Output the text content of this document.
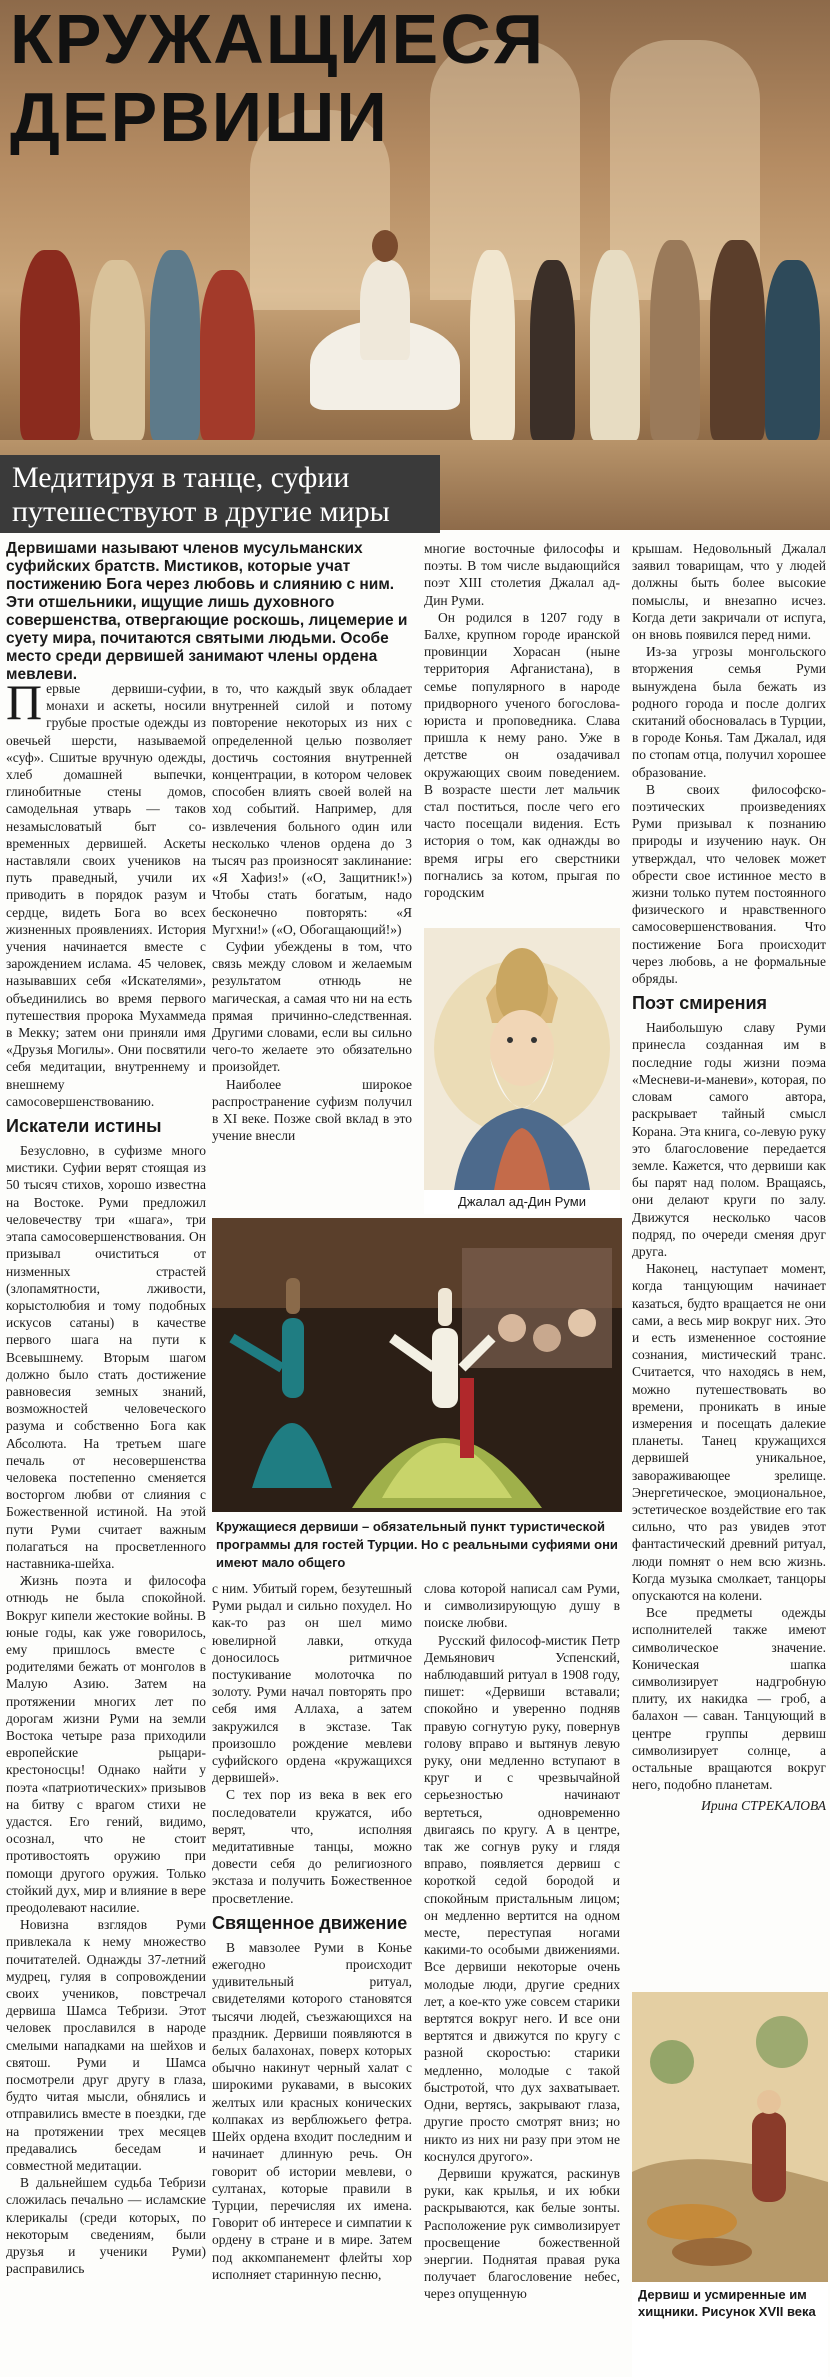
КРУЖАЩИЕСЯ
ДЕРВИШИ
Медитируя в танце, суфии
путешествуют в другие миры
Дервишами называют членов мусульманских суфийских братств. Мистиков, которые учат постижению Бога через любовь и слиянию с ним. Эти отшельники, ищущие лишь духовного совершенства, отвергающие роскошь, лицемерие и суету мира, почитаются святыми людьми. Особе место среди дервишей занимают члены ордена мевлеви.

Первые дервиши-суфии, монахи и аскеты, носили грубые простые одежды из овечьей шерсти, называемой «суф». Сшитые вручную одежды, хлеб домашней выпечки, глинобитные стены домов, самодельная утварь — таков незамысловатый быт со-временных дервишей. Аскеты наставляли своих учеников на путь праведный, учили их приводить в порядок разум и сердце, видеть Бога во всех жизненных проявлениях. История учения начинается вместе с зарождением ислама. 45 человек, называвших себя «Искателями», объединились во время первого путешествия пророка Мухаммеда в Мекку; затем они приняли имя «Друзья Могилы». Они посвятили себя медитации, внутреннему и внешнему самосовершенствованию.

Искатели истины

Безусловно, в суфизме много мистики. Суфии верят стоящая из 50 тысяч стихов, хорошо известна на Востоке. Руми предложил человечеству три «шага», три этапа самосовершенствования. Он призывал очиститься от низменных страстей (злопамятности, лживости, корыстолюбия и тому подобных искусов сатаны) в качестве первого шага на пути к Всевышнему. Вторым шагом должно было стать достижение равновесия земных знаний, возможностей человеческого разума и собственно Бога как Абсолюта. На третьем шаге печаль от несовершенства человека постепенно сменяется восторгом любви от слияния с Божественной истиной. На этой пути Руми считает важным полагаться на просветленного наставника-шейха.

Жизнь поэта и философа отнюдь не была спокойной. Вокруг кипели жестокие войны. В юные годы, как уже говорилось, ему пришлось вместе с родителями бежать от монголов в Малую Азию. Затем на протяжении многих лет по дорогам жизни Руми на земли Востока четыре раза приходили европейские рыцари-крестоносцы! Однако найти у поэта «патриотических» призывов на битву с врагом стихи не удастся. Его гений, видимо, осознал, что не стоит противостоять оружию при помощи другого оружия. Только стойкий дух, мир и влияние в вере преодолевают насилие.

Новизна взглядов Руми привлекала к нему множество почитателей. Однажды 37-летний мудрец, гуляя в сопровождении своих учеников, повстречал дервиша Шамса Тебризи. Этот человек прославился в народе смелыми нападками на шейхов и святош. Руми и Шамса посмотрели друг другу в глаза, будто читая мысли, обнялись и отправились вместе в поездки, где на протяжении трех месяцев предавались беседам и совместной медитации.

В дальнейшем судьба Тебризи сложилась печально — исламские клерикалы (среди которых, по некоторым сведениям, были друзья и ученики Руми) расправились

в то, что каждый звук обладает внутренней силой и потому повторение некоторых из них с определенной целью позволяет достичь состояния внутренней концентрации, в котором человек способен влиять своей волей на ход событий. Например, для извлечения больного один или несколько членов ордена до 3 тысяч раз произносят заклинание: «Я Хафиз!» («О, Защитник!») Чтобы стать богатым, надо бесконечно повторять: «Я Мугхни!» («О, Обогащающий!»)

Суфии убеждены в том, что связь между словом и желаемым результатом отнюдь не магическая, а самая что ни на есть прямая причинно-следственная. Другими словами, если вы сильно чего-то желаете это обязательно произойдет.

Наиболее широкое распространение суфизм получил в XI веке. Позже свой вклад в это учение внесли

с ним. Убитый горем, безутешный Руми рыдал и сильно похудел. Но как-то раз он шел мимо ювелирной лавки, откуда доносилось ритмичное постукивание молоточка по золоту. Руми начал повторять про себя имя Аллаха, а затем закружился в экстазе. Так произошло рождение мевлеви суфийского ордена «кружащихся дервишей».

С тех пор из века в век его последователи кружатся, ибо верят, что, исполняя медитативные танцы, можно довести себя до религиозного экстаза и получить Божественное просветление.

Священное движение

В мавзолее Руми в Конье ежегодно происходит удивительный ритуал, свидетелями которого становятся тысячи людей, съезжающихся на праздник. Дервиши появляются в белых балахонах, поверх которых обычно накинут черный халат с широкими рукавами, в высоких желтых или красных конических колпаках из верблюжьего фетра. Шейх ордена входит последним и начинает длинную речь. Он говорит об истории мевлеви, о султанах, которые правили в Турции, перечисляя их имена. Говорит об интересе и симпатии к ордену в стране и в мире. Затем под аккомпанемент флейты хор исполняет старинную песню,

многие восточные философы и поэты. В том числе выдающийся поэт XIII столетия Джалал ад-Дин Руми.

Он родился в 1207 году в Балхе, крупном городе иранской провинции Хорасан (ныне территория Афганистана), в семье популярного в народе придворного ученого богослова-юриста и проповедника. Слава пришла к нему рано. Уже в детстве он озадачивал окружающих своим поведением. В возрасте шести лет мальчик стал поститься, после чего его часто посещали видения. Есть история о том, как однажды во время игры его сверстники погнались за котом, прыгая по городским

Джалал ад-Дин Руми
Кружащиеся дервиши – обязательный пункт туристической программы для гостей Турции. Но с реальными суфиями они имеют мало общего

слова которой написал сам Руми, и символизирующую душу в поиске любви.

Русский философ-мистик Петр Демьянович Успенский, наблюдавший ритуал в 1908 году, пишет: «Дервиши вставали; спокойно и уверенно подняв правую согнутую руку, повернув голову вправо и вытянув левую руку, они медленно вступают в круг и с чрезвычайной серьезностью начинают вертеться, одновременно двигаясь по кругу. А в центре, так же согнув руку и глядя вправо, появляется дервиш с короткой седой бородой и спокойным пристальным лицом; он медленно вертится на одном месте, переступая ногами какими-то особыми движениями. Все дервиши некоторые очень молодые люди, другие средних лет, а кое-кто уже совсем старики вертятся вокруг него. И все они вертятся и движутся по кругу с разной скоростью: старики медленно, молодые с такой быстротой, что дух захватывает. Одни, вертясь, закрывают глаза, другие просто смотрят вниз; но никто из них ни разу при этом не коснулся другого».

Дервиши кружатся, раскинув руки, как крылья, и их юбки раскрываются, как белые зонты. Расположение рук символизирует просвещение божественной энергии. Поднятая правая рука получает благословение небес, через опущенную

крышам. Недовольный Джалал заявил товарищам, что у людей должны быть более высокие помыслы, и внезапно исчез. Когда дети закричали от испуга, он вновь появился перед ними.

Из-за угрозы монгольского вторжения семья Руми вынуждена была бежать из родного города и после долгих скитаний обосновалась в Турции, в городе Конья. Там Джалал, идя по стопам отца, получил хорошее образование.

В своих философско-поэтических произведениях Руми призывал к познанию природы и изучению наук. Он утверждал, что человек может обрести свое истинное место в жизни только путем постоянного физического и нравственного самосовершенствования. Что постижение Бога происходит через любовь, а не формальные обряды.

Поэт смирения

Наибольшую славу Руми принесла созданная им в последние годы жизни поэма «Месневи-и-маневи», которая, по словам самого автора, раскрывает тайный смысл Корана. Эта книга, со-левую руку это благословение передается земле. Кажется, что дервиши как бы парят над полом. Вращаясь, они делают круги по залу. Движутся несколько часов подряд, по очереди сменяя друг друга.

Наконец, наступает момент, когда танцующим начинает казаться, будто вращается не они сами, а весь мир вокруг них. Это и есть измененное состояние сознания, мистический транс. Считается, что находясь в нем, можно путешествовать во времени, проникать в иные измерения и посещать далекие планеты. Танец кружащихся дервишей уникальное, завораживающее зрелище. Энергетическое, эмоциональное, эстетическое воздействие его так сильно, что раз увидев этот фантастический древний ритуал, люди помнят о нем всю жизнь. Когда музыка смолкает, танцоры опускаются на колени.

Все предметы одежды исполнителей также имеют символическое значение. Коническая шапка символизирует надгробную плиту, их накидка — гроб, а балахон — саван. Танцующий в центре группы дервиш символизирует солнце, а остальные вращаются вокруг него, подобно планетам.

Ирина СТРЕКАЛОВА
Дервиш и усмиренные им хищники. Рисунок XVII века
